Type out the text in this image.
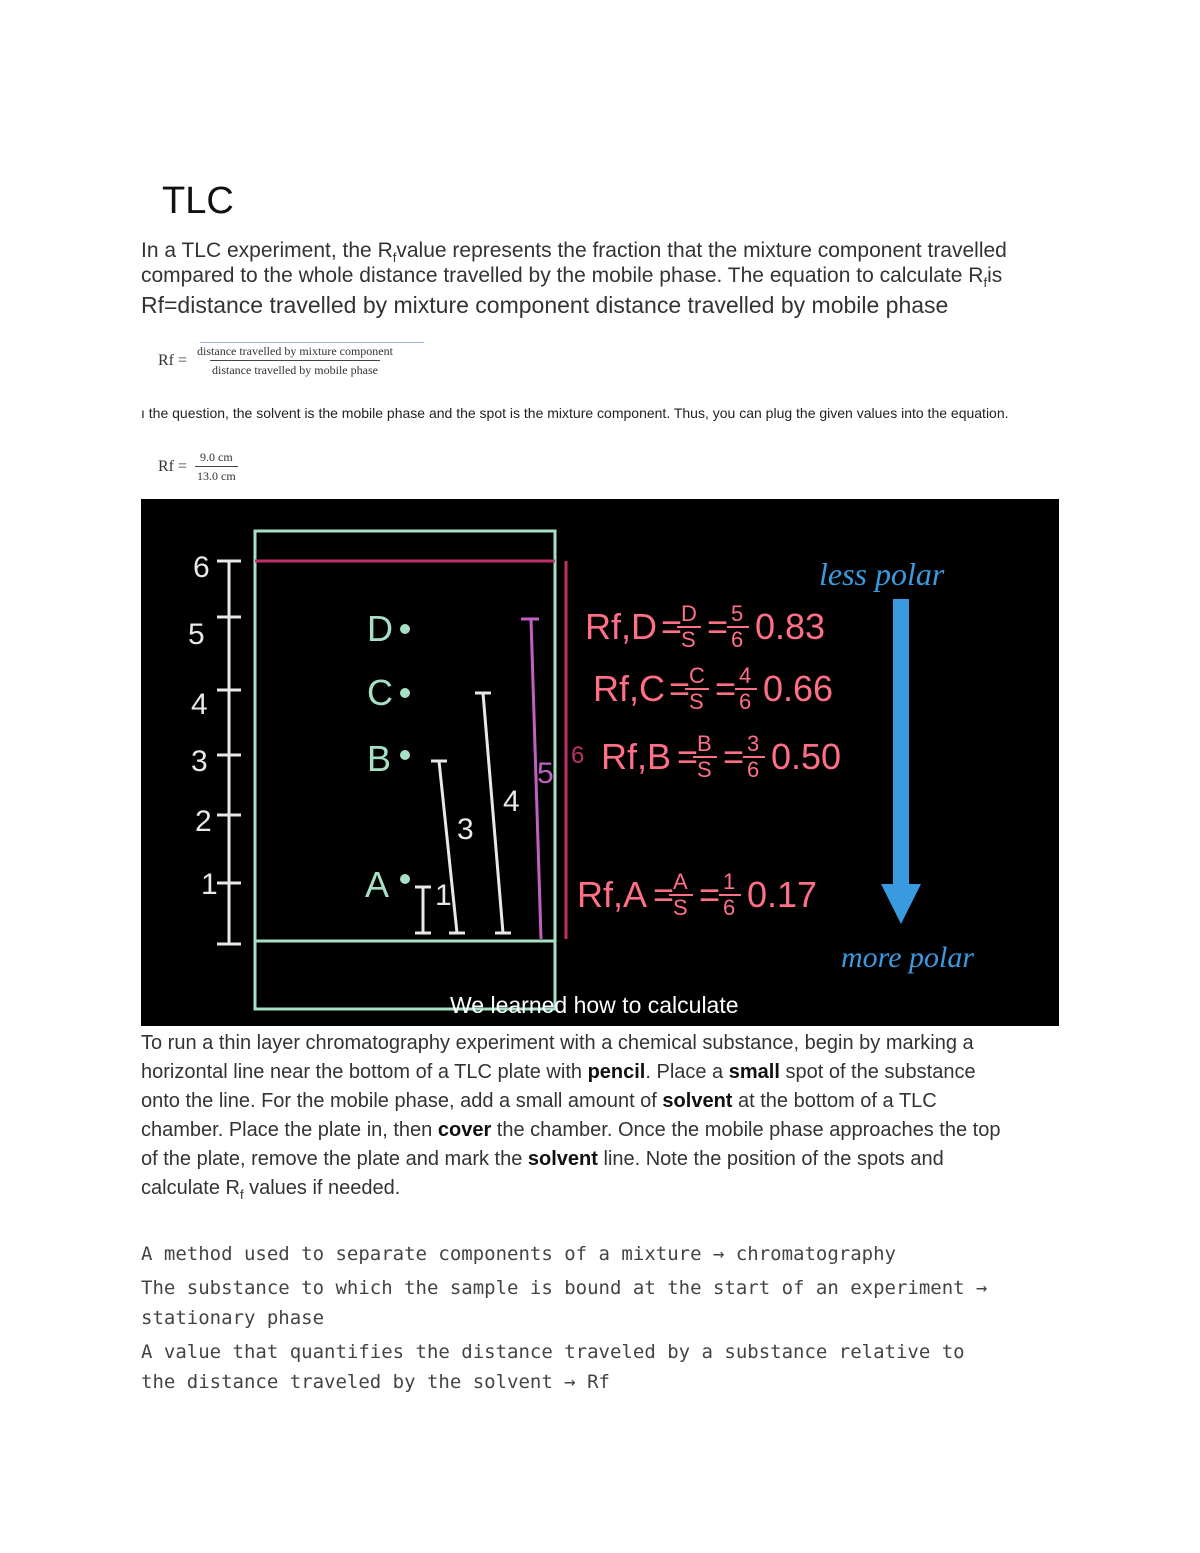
TLC
In a TLC experiment, the $R_fvalue$ represents the fraction that the mixture component travelled
compared to the whole distance travelled by the mobile phase. The equation to calculate $R_fis$
Rf=distance travelled by mixture component distance travelled by mobile phase
$Rf = \frac{\text{distance travelled by mixture component}}{\text{distance travelled by mobile phase}}$
ı the question, the solvent is the mobile phase and the spot is the mixture component. Thus, you can plug the given values into the equation.
$Rf = \frac{9.0 cm}{13.0 cm}$
6
5
4
3
2
1
D
C
B
A 1
3
4
5
6
Rf,D =
D
S = 5
6 0.83
Rf,C =
C
S = 4
6 0.66
Rf,B =
B
S = 3
6 0.50
Rf,A =
A
S = 1
6 0.17
less polar
more polar
We learned how to calculate
To run a thin layer chromatography experiment with a chemical substance, begin by marking a
horizontal line near the bottom of a TLC plate with pencil. Place a small spot of the substance
onto the line. For the mobile phase, add a small amount of solvent at the bottom of a TLC
chamber. Place the plate in, then cover the chamber. Once the mobile phase approaches the top
of the plate, remove the plate and mark the solvent line. Note the position of the spots and
calculate $R_f$ values if needed.
A method used to separate components of a mixture → chromatography
The substance to which the sample is bound at the start of an experiment →
stationary phase
A value that quantifies the distance traveled by a substance relative to
the distance traveled by the solvent → Rf
